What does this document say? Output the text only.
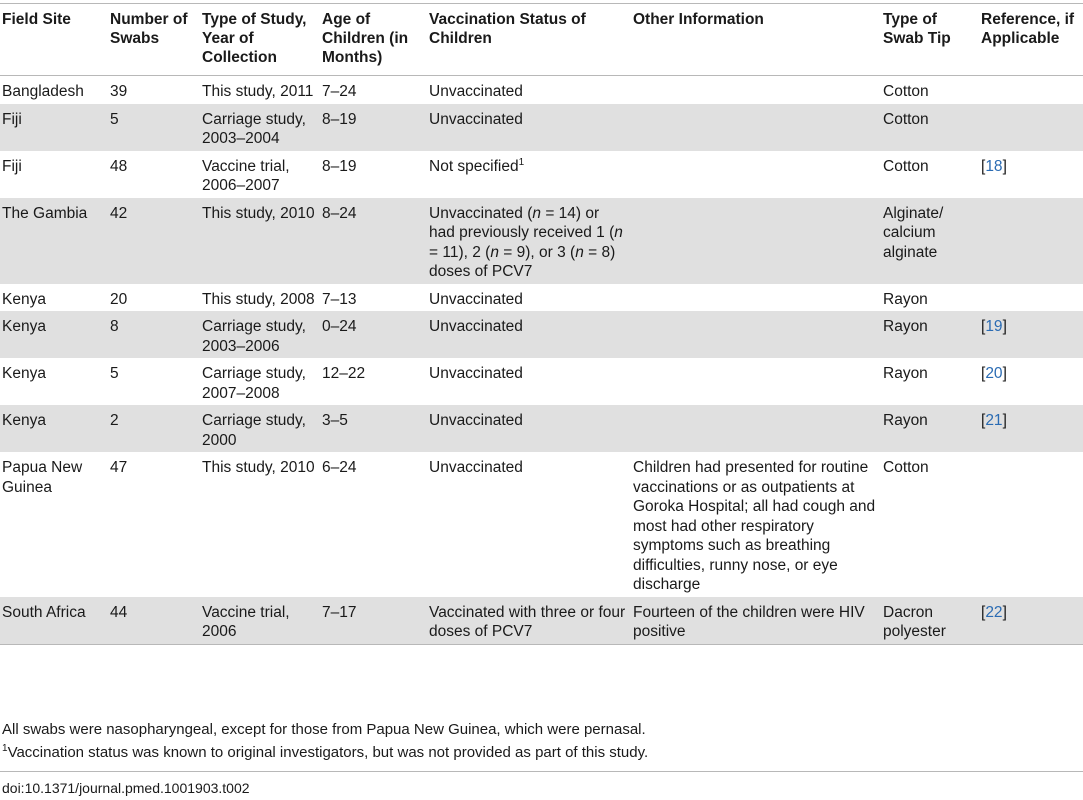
Field Site	Number of Swabs	Type of Study, Year of Collection	Age of Children (in Months)	Vaccination Status of Children	Other Information	Type of Swab Tip	Reference, if Applicable
Bangladesh	39	This study, 2011	7–24	Unvaccinated		Cotton	
Fiji	5	Carriage study, 2003–2004	8–19	Unvaccinated		Cotton	
Fiji	48	Vaccine trial, 2006–2007	8–19	Not specified$^1$		Cotton	[18]
The Gambia	42	This study, 2010	8–24	Unvaccinated (n = 14) or had previously received 1 (n = 11), 2 (n = 9), or 3 (n = 8) doses of PCV7		Alginate/ calcium alginate	
Kenya	20	This study, 2008	7–13	Unvaccinated		Rayon	
Kenya	8	Carriage study, 2003–2006	0–24	Unvaccinated		Rayon	[19]
Kenya	5	Carriage study, 2007–2008	12–22	Unvaccinated		Rayon	[20]
Kenya	2	Carriage study, 2000	3–5	Unvaccinated		Rayon	[21]
Papua New Guinea	47	This study, 2010	6–24	Unvaccinated	Children had presented for routine vaccinations or as outpatients at Goroka Hospital; all had cough and most had other respiratory symptoms such as breathing difficulties, runny nose, or eye discharge	Cotton	
South Africa	44	Vaccine trial, 2006	7–17	Vaccinated with three or four doses of PCV7	Fourteen of the children were HIV positive	Dacron polyester	[22]
All swabs were nasopharyngeal, except for those from Papua New Guinea, which were pernasal.
$^1$Vaccination status was known to original investigators, but was not provided as part of this study.
doi:10.1371/journal.pmed.1001903.t002
